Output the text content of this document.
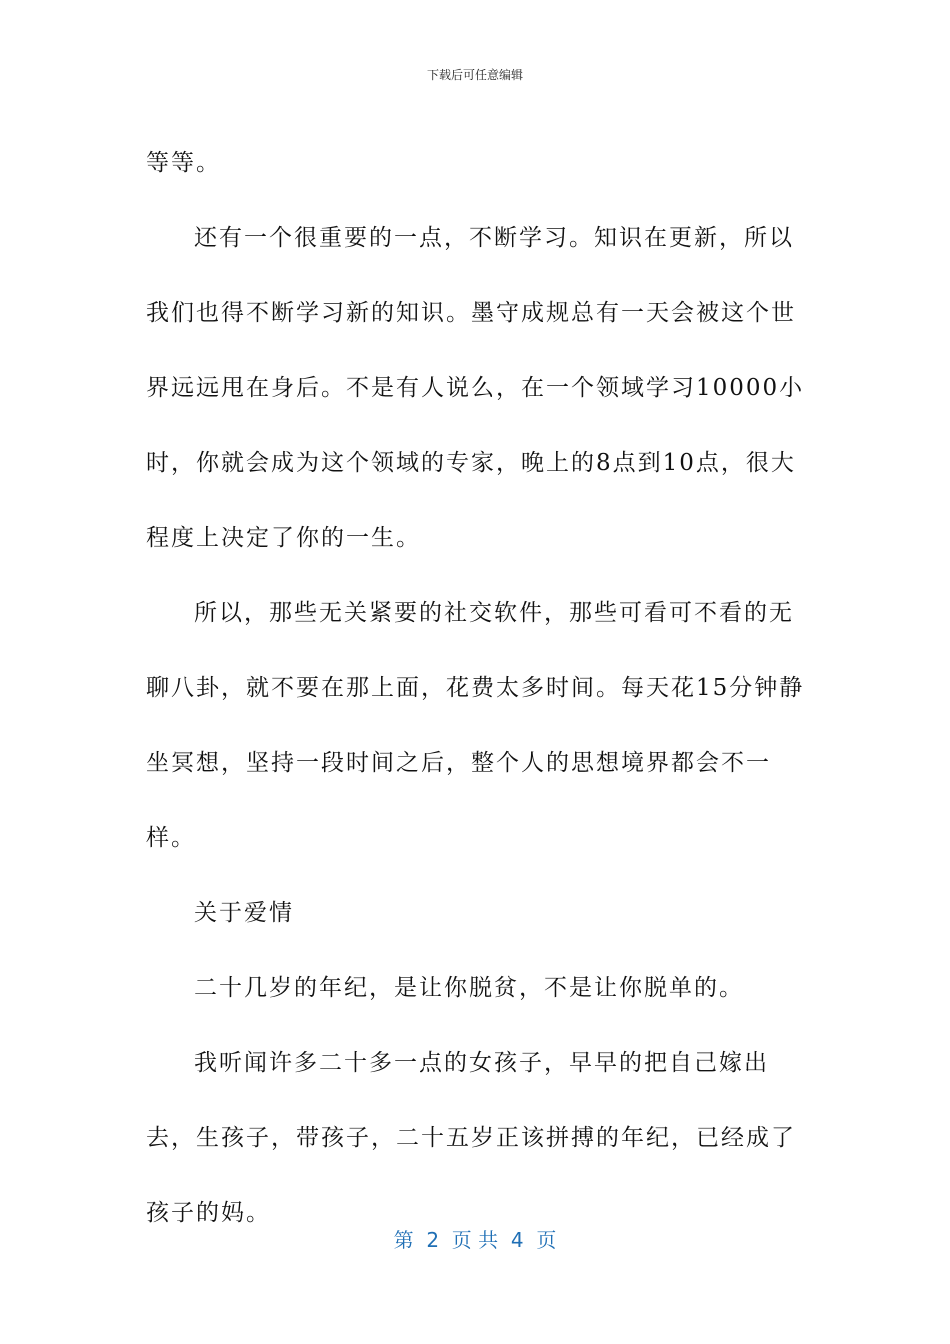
下载后可任意编辑

等等。

还有一个很重要的一点，不断学习。知识在更新，所以我们也得不断学习新的知识。墨守成规总有一天会被这个世界远远甩在身后。不是有人说么，在一个领域学习10000小时，你就会成为这个领域的专家，晚上的8点到10点，很大程度上决定了你的一生。

所以，那些无关紧要的社交软件，那些可看可不看的无聊八卦，就不要在那上面，花费太多时间。每天花15分钟静坐冥想，坚持一段时间之后，整个人的思想境界都会不一样。

关于爱情

二十几岁的年纪，是让你脱贫，不是让你脱单的。

我听闻许多二十多一点的女孩子，早早的把自己嫁出去，生孩子，带孩子，二十五岁正该拼搏的年纪，已经成了孩子的妈。

第  2  页 共  4  页
